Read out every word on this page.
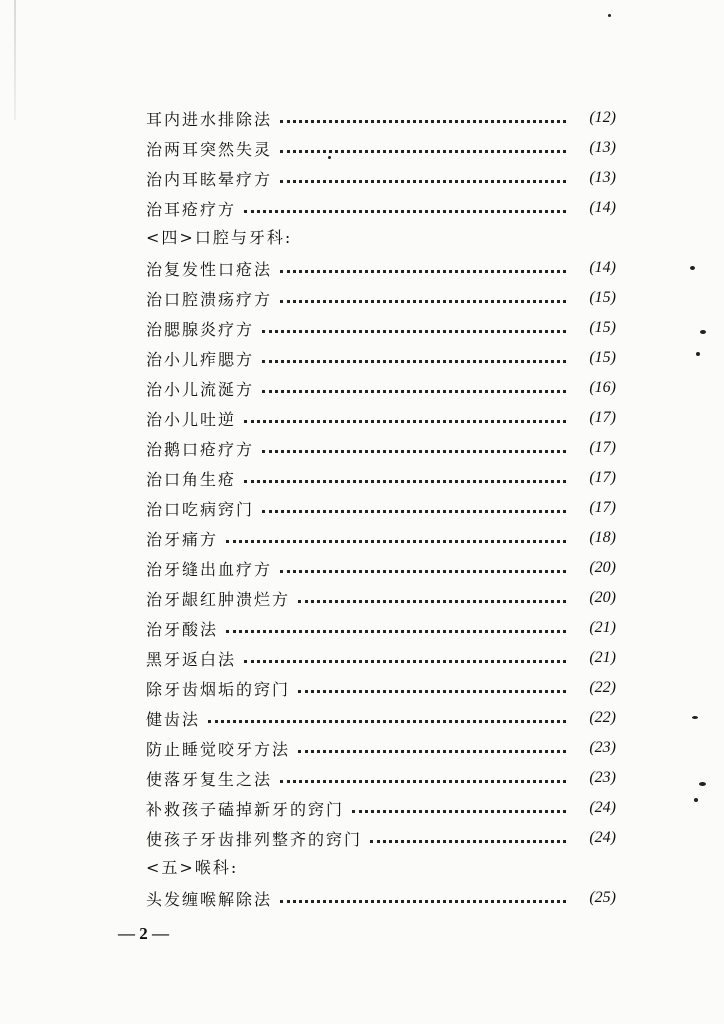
耳内进水排除法	(12)
治两耳突然失灵	(13)
治内耳眩晕疗方	(13)
治耳疮疗方	(14)
<四>口腔与牙科:
治复发性口疮法	(14)
治口腔溃疡疗方	(15)
治腮腺炎疗方	(15)
治小儿痄腮方	(15)
治小儿流涎方	(16)
治小儿吐逆	(17)
治鹅口疮疗方	(17)
治口角生疮	(17)
治口吃病窍门	(17)
治牙痛方	(18)
治牙缝出血疗方	(20)
治牙龈红肿溃烂方	(20)
治牙酸法	(21)
黑牙返白法	(21)
除牙齿烟垢的窍门	(22)
健齿法	(22)
防止睡觉咬牙方法	(23)
使落牙复生之法	(23)
补救孩子磕掉新牙的窍门	(24)
使孩子牙齿排列整齐的窍门	(24)
<五>喉科:
头发缠喉解除法	(25)
— 2 —
